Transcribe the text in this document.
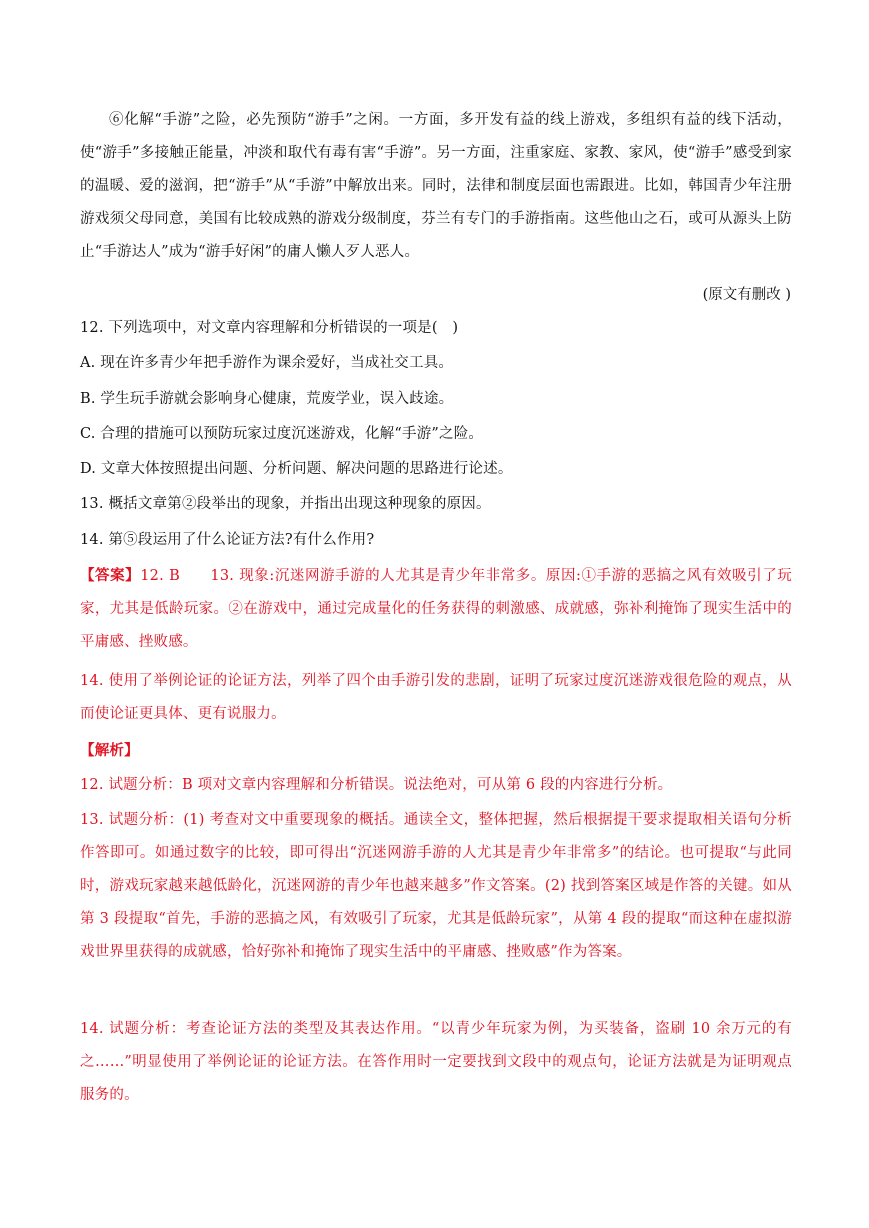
⑥化解“手游”之险，必先预防“游手”之闲。一方面，多开发有益的线上游戏，多组织有益的线下活动，使“游手”多接触正能量，冲淡和取代有毒有害“手游”。另一方面，注重家庭、家教、家风，使“游手”感受到家的温暖、爱的滋润，把“游手”从“手游”中解放出来。同时，法律和制度层面也需跟进。比如，韩国青少年注册游戏须父母同意，美国有比较成熟的游戏分级制度，芬兰有专门的手游指南。这些他山之石，或可从源头上防止“手游达人”成为“游手好闲”的庸人懒人歹人恶人。
(原文有删改 )
12. 下列选项中，对文章内容理解和分析错误的一项是(　)
A. 现在许多青少年把手游作为课余爱好，当成社交工具。
B. 学生玩手游就会影响身心健康，荒废学业，误入歧途。
C. 合理的措施可以预防玩家过度沉迷游戏，化解“手游”之险。
D. 文章大体按照提出问题、分析问题、解决问题的思路进行论述。
13. 概括文章第②段举出的现象，并指出出现这种现象的原因。
14. 第⑤段运用了什么论证方法?有什么作用?
【答案】12. B　　13. 现象:沉迷网游手游的人尤其是青少年非常多。原因:①手游的恶搞之风有效吸引了玩家，尤其是低龄玩家。②在游戏中，通过完成量化的任务获得的刺激感、成就感，弥补利掩饰了现实生活中的平庸感、挫败感。
14. 使用了举例论证的论证方法，列举了四个由手游引发的悲剧，证明了玩家过度沉迷游戏很危险的观点，从而使论证更具体、更有说服力。
【解析】
12. 试题分析：B 项对文章内容理解和分析错误。说法绝对，可从第 6 段的内容进行分析。
13. 试题分析：(1) 考查对文中重要现象的概括。通读全文，整体把握，然后根据提干要求提取相关语句分析作答即可。如通过数字的比较，即可得出“沉迷网游手游的人尤其是青少年非常多”的结论。也可提取“与此同时，游戏玩家越来越低龄化，沉迷网游的青少年也越来越多”作文答案。(2) 找到答案区域是作答的关键。如从第 3 段提取“首先，手游的恶搞之风，有效吸引了玩家，尤其是低龄玩家”，从第 4 段的提取“而这种在虚拟游戏世界里获得的成就感，恰好弥补和掩饰了现实生活中的平庸感、挫败感”作为答案。
14. 试题分析：考查论证方法的类型及其表达作用。“以青少年玩家为例，为买装备，盗刷 10 余万元的有之……”明显使用了举例论证的论证方法。在答作用时一定要找到文段中的观点句，论证方法就是为证明观点服务的。
